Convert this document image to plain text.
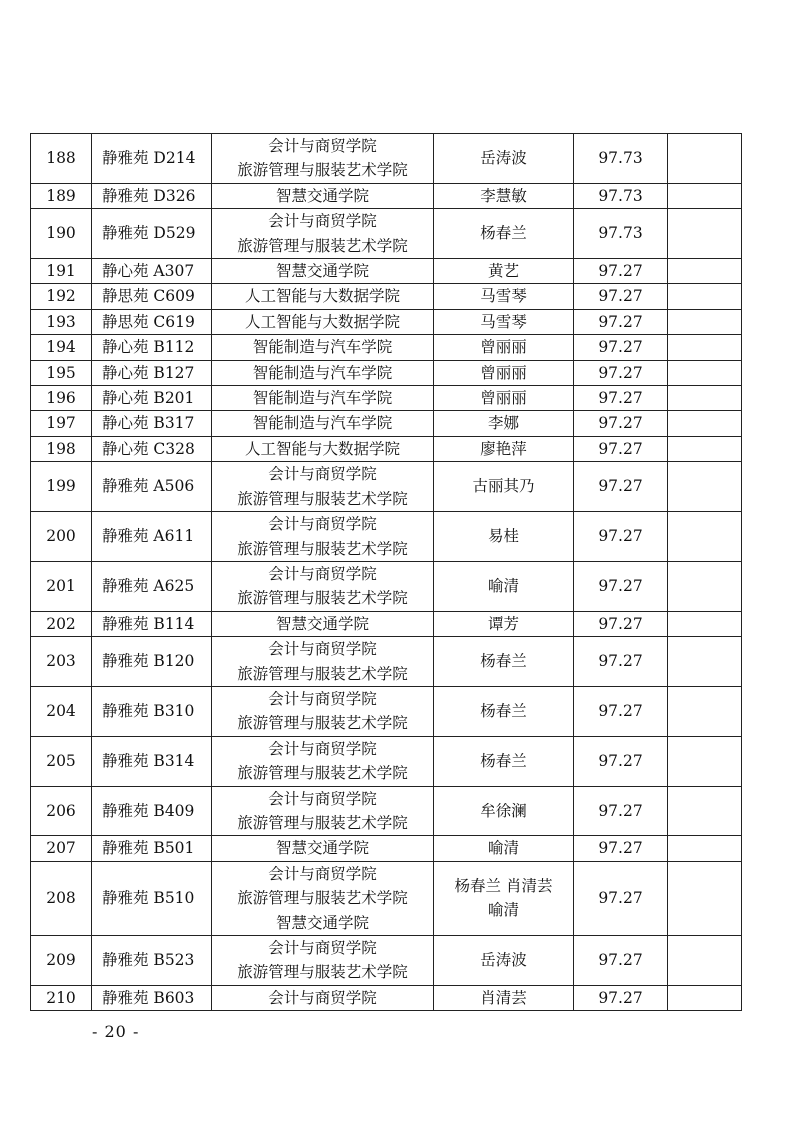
188	静雅苑 D214	会计与商贸学院
旅游管理与服装艺术学院	岳涛波	97.73	
189	静雅苑 D326	智慧交通学院	李慧敏	97.73	
190	静雅苑 D529	会计与商贸学院
旅游管理与服装艺术学院	杨春兰	97.73	
191	静心苑 A307	智慧交通学院	黄艺	97.27	
192	静思苑 C609	人工智能与大数据学院	马雪琴	97.27	
193	静思苑 C619	人工智能与大数据学院	马雪琴	97.27	
194	静心苑 B112	智能制造与汽车学院	曾丽丽	97.27	
195	静心苑 B127	智能制造与汽车学院	曾丽丽	97.27	
196	静心苑 B201	智能制造与汽车学院	曾丽丽	97.27	
197	静心苑 B317	智能制造与汽车学院	李娜	97.27	
198	静心苑 C328	人工智能与大数据学院	廖艳萍	97.27	
199	静雅苑 A506	会计与商贸学院
旅游管理与服装艺术学院	古丽其乃	97.27	
200	静雅苑 A611	会计与商贸学院
旅游管理与服装艺术学院	易桂	97.27	
201	静雅苑 A625	会计与商贸学院
旅游管理与服装艺术学院	喻清	97.27	
202	静雅苑 B114	智慧交通学院	谭芳	97.27	
203	静雅苑 B120	会计与商贸学院
旅游管理与服装艺术学院	杨春兰	97.27	
204	静雅苑 B310	会计与商贸学院
旅游管理与服装艺术学院	杨春兰	97.27	
205	静雅苑 B314	会计与商贸学院
旅游管理与服装艺术学院	杨春兰	97.27	
206	静雅苑 B409	会计与商贸学院
旅游管理与服装艺术学院	牟徐澜	97.27	
207	静雅苑 B501	智慧交通学院	喻清	97.27	
208	静雅苑 B510	会计与商贸学院
旅游管理与服装艺术学院
智慧交通学院	杨春兰 肖清芸
喻清	97.27	
209	静雅苑 B523	会计与商贸学院
旅游管理与服装艺术学院	岳涛波	97.27	
210	静雅苑 B603	会计与商贸学院	肖清芸	97.27	
- 20 -
